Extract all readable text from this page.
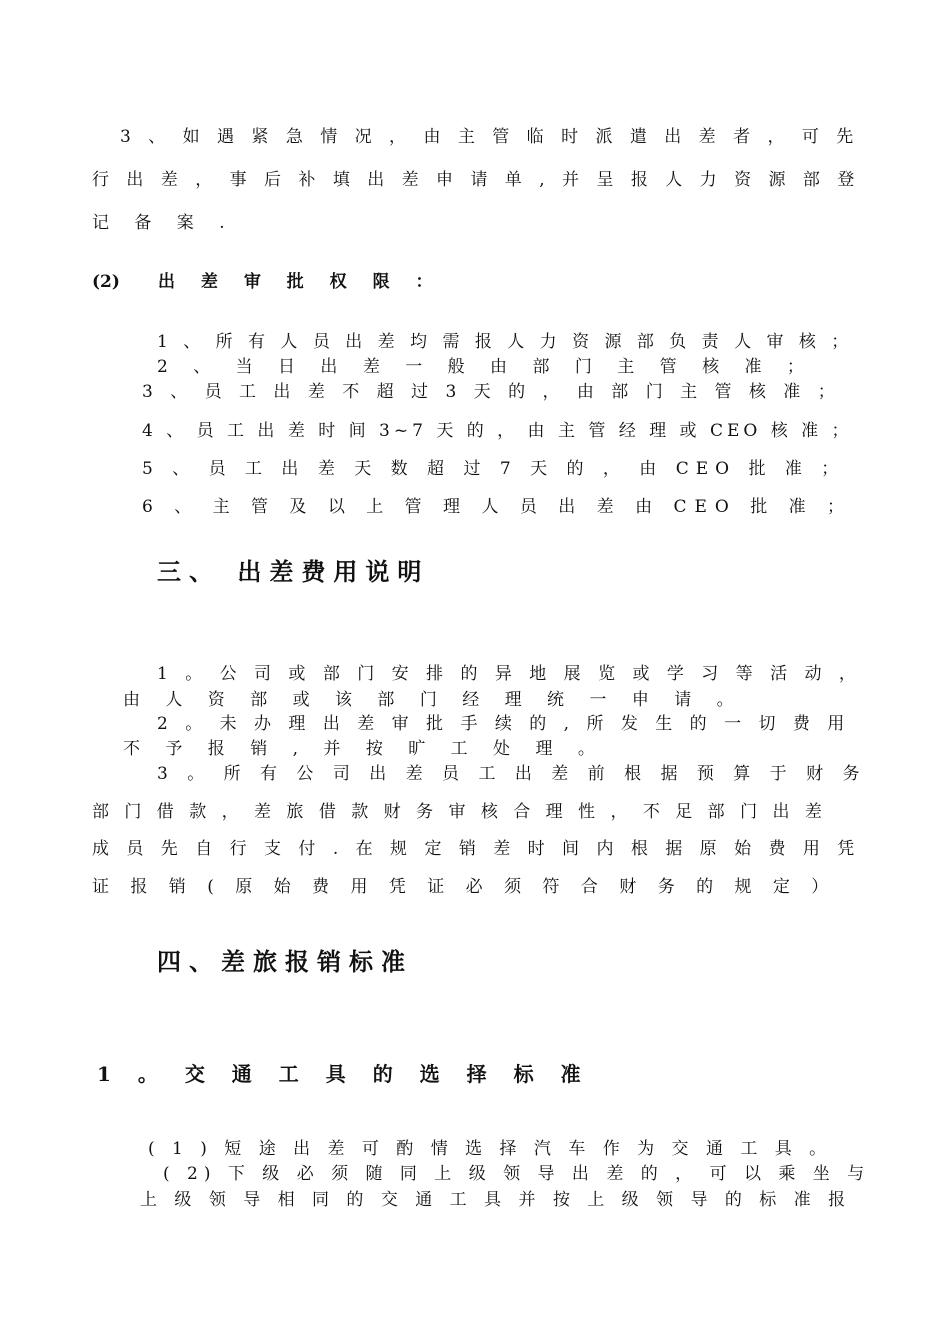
3 、 如 遇 紧 急 情 况 ， 由 主 管 临 时 派 遣 出 差 者 ， 可 先
行 出 差 ， 事 后 补 填 出 差 申 请 单 , 并 呈 报 人 力 资 源 部 登
记 备 案 .
(2) 出 差 审 批 权 限 ：
1 、 所 有 人 员 出 差 均 需 报 人 力 资 源 部 负 责 人 审 核 ；
2 、 当 日 出 差 一 般 由 部 门 主 管 核 准 ；
3 、 员 工 出 差 不 超 过 3 天 的 ， 由 部 门 主 管 核 准 ；
4 、 员 工 出 差 时 间 3~7 天 的 ， 由 主 管 经 理 或 CEO 核 准 ；
5 、 员 工 出 差 天 数 超 过 7 天 的 ， 由 CEO 批 准 ；
6 、 主 管 及 以 上 管 理 人 员 出 差 由 CEO 批 准 ；
三、 出差费用说明
1 。 公 司 或 部 门 安 排 的 异 地 展 览 或 学 习 等 活 动 ，
由 人 资 部 或 该 部 门 经 理 统 一 申 请 。
2 。 未 办 理 出 差 审 批 手 续 的 , 所 发 生 的 一 切 费 用
不 予 报 销 , 并 按 旷 工 处 理 。
3 。 所 有 公 司 出 差 员 工 出 差 前 根 据 预 算 于 财 务
部 门 借 款 ， 差 旅 借 款 财 务 审 核 合 理 性 ， 不 足 部 门 出 差
成 员 先 自 行 支 付 . 在 规 定 销 差 时 间 内 根 据 原 始 费 用 凭
证 报 销 ( 原 始 费 用 凭 证 必 须 符 合 财 务 的 规 定 ）
四、差旅报销标准
1 。 交 通 工 具 的 选 择 标 准
( 1 ) 短 途 出 差 可 酌 情 选 择 汽 车 作 为 交 通 工 具 。
( 2) 下 级 必 须 随 同 上 级 领 导 出 差 的 ， 可 以 乘 坐 与
上 级 领 导 相 同 的 交 通 工 具 并 按 上 级 领 导 的 标 准 报
